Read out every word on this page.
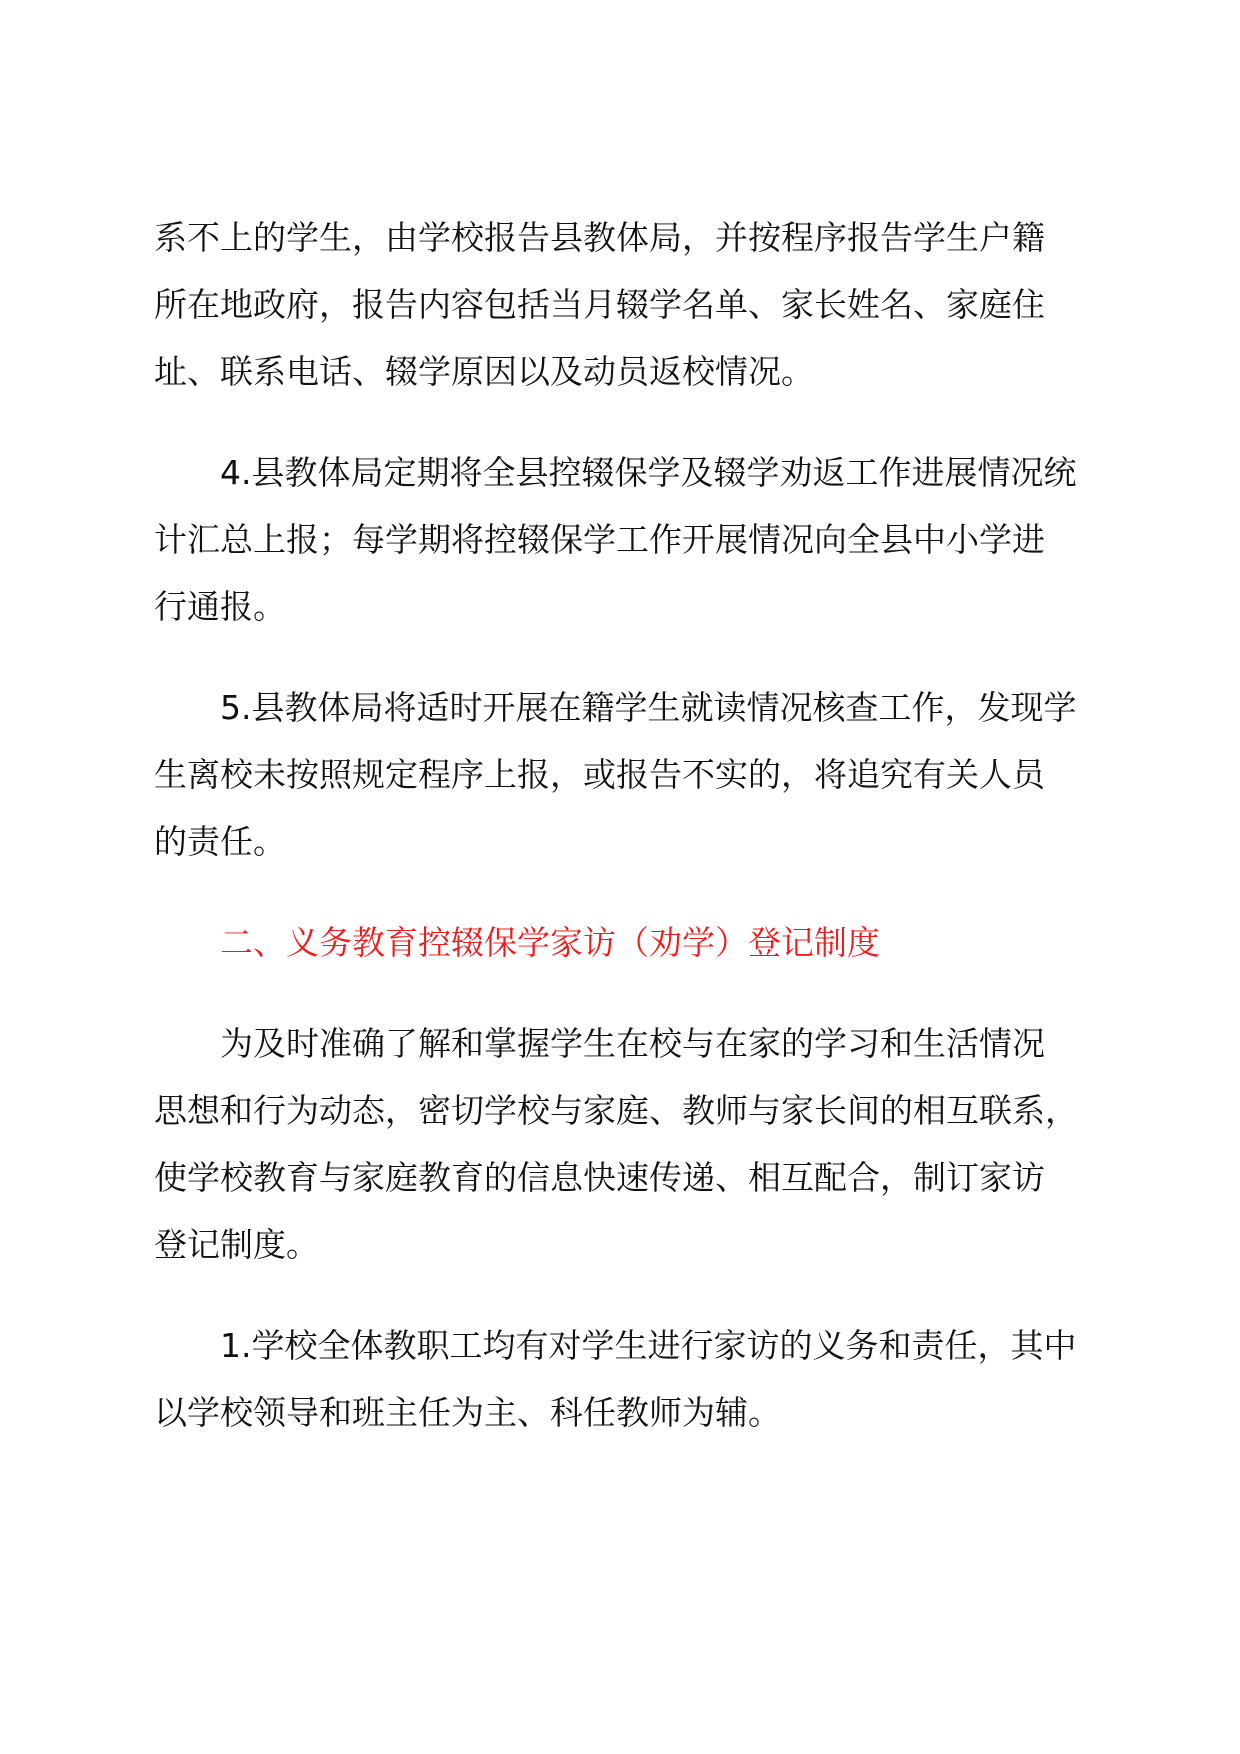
系不上的学生，由学校报告县教体局，并按程序报告学生户籍
所在地政府，报告内容包括当月辍学名单、家长姓名、家庭住
址、联系电话、辍学原因以及动员返校情况。

4.县教体局定期将全县控辍保学及辍学劝返工作进展情况统
计汇总上报；每学期将控辍保学工作开展情况向全县中小学进
行通报。

5.县教体局将适时开展在籍学生就读情况核查工作，发现学
生离校未按照规定程序上报，或报告不实的，将追究有关人员
的责任。

二、义务教育控辍保学家访（劝学）登记制度

为及时准确了解和掌握学生在校与在家的学习和生活情况
思想和行为动态，密切学校与家庭、教师与家长间的相互联系，
使学校教育与家庭教育的信息快速传递、相互配合，制订家访
登记制度。

1.学校全体教职工均有对学生进行家访的义务和责任，其中
以学校领导和班主任为主、科任教师为辅。
